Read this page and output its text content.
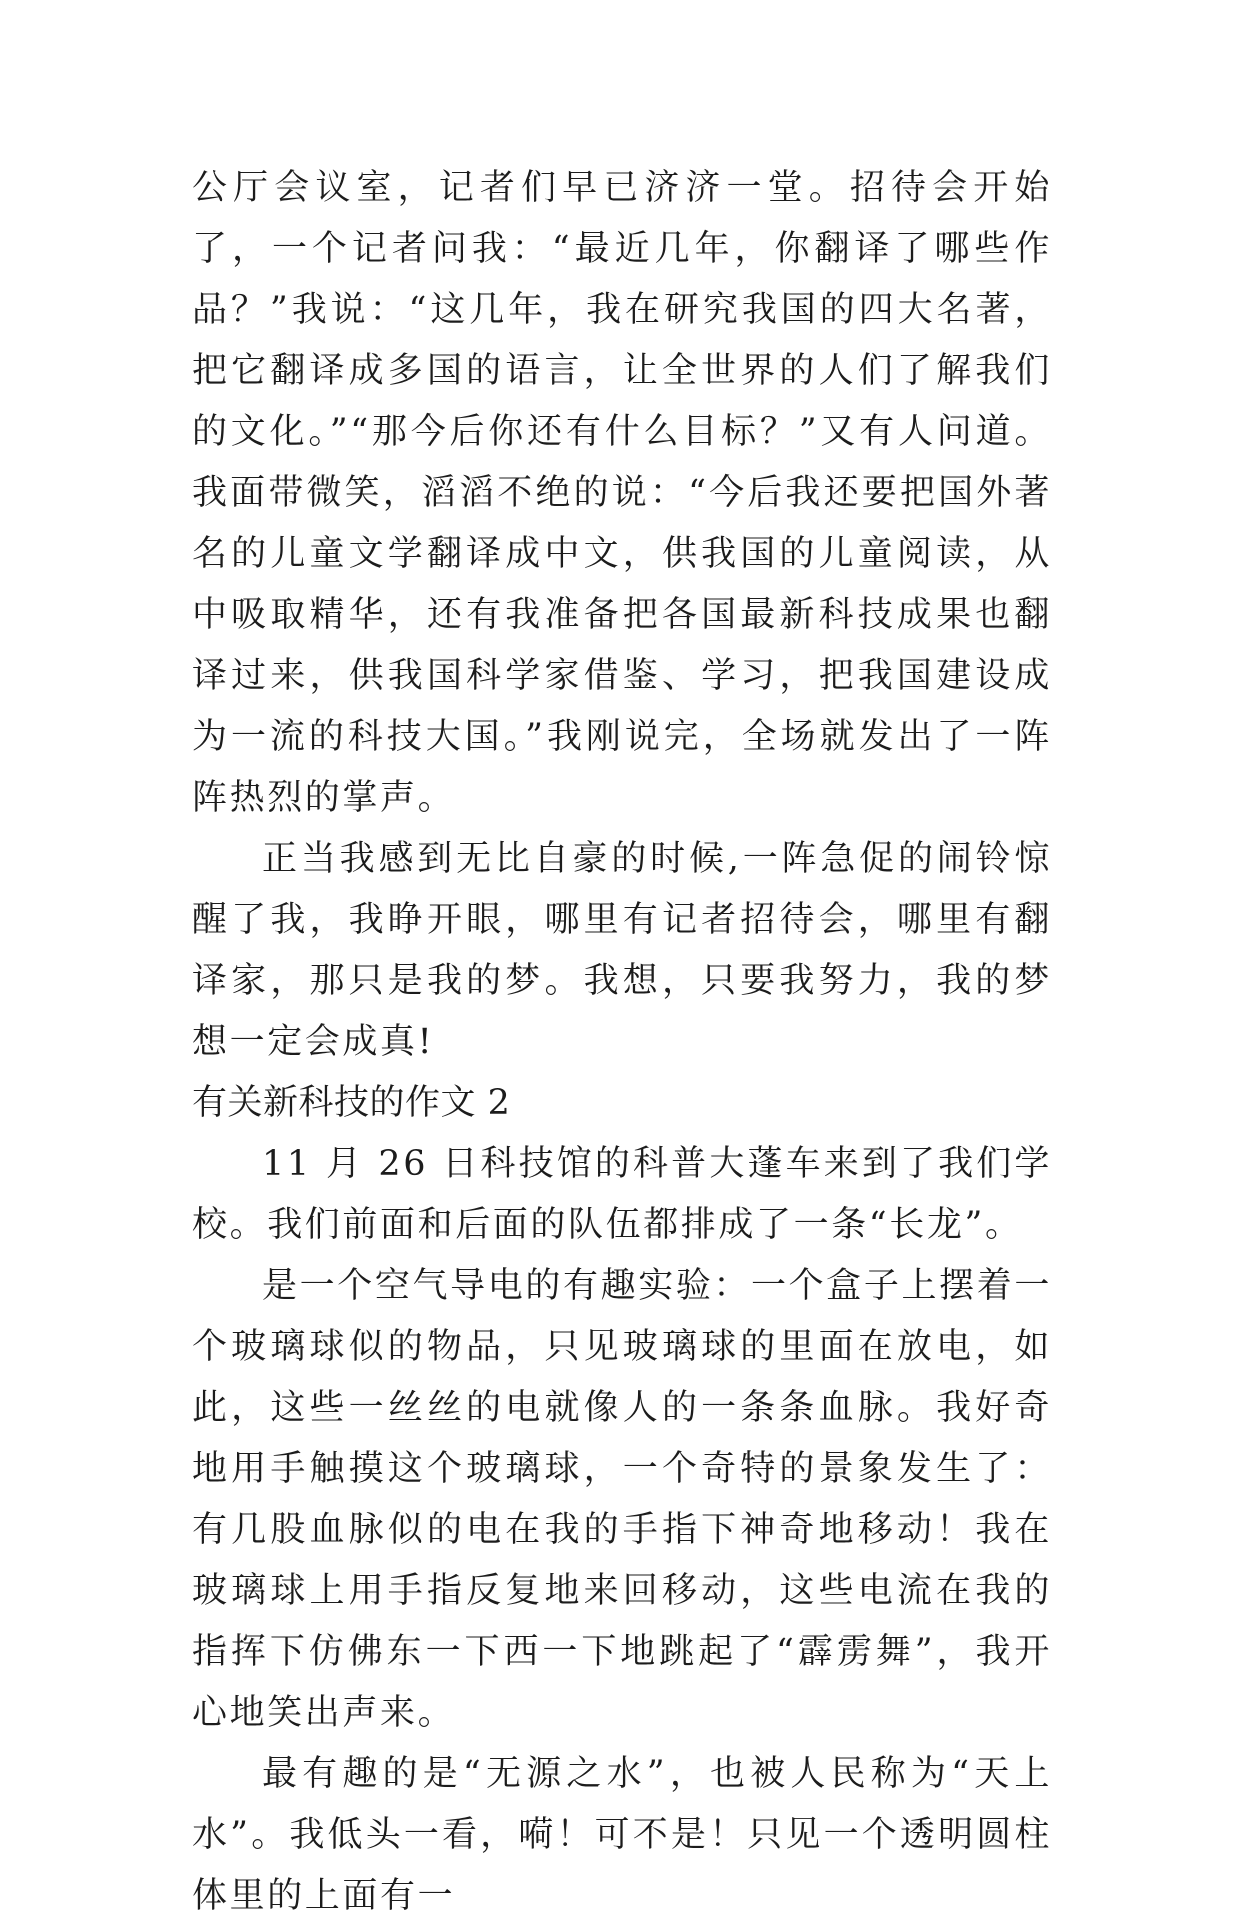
公厅会议室，记者们早已济济一堂。招待会开始了，一个记者问我：“最近几年，你翻译了哪些作品？”我说：“这几年，我在研究我国的四大名著，把它翻译成多国的语言，让全世界的人们了解我们的文化。”“那今后你还有什么目标？”又有人问道。我面带微笑，滔滔不绝的说：“今后我还要把国外著名的儿童文学翻译成中文，供我国的儿童阅读，从中吸取精华，还有我准备把各国最新科技成果也翻译过来，供我国科学家借鉴、学习，把我国建设成为一流的科技大国。”我刚说完，全场就发出了一阵阵热烈的掌声。

正当我感到无比自豪的时候,一阵急促的闹铃惊醒了我，我睁开眼，哪里有记者招待会，哪里有翻译家，那只是我的梦。我想，只要我努力，我的梦想一定会成真!

有关新科技的作文 2

11 月 26 日科技馆的科普大蓬车来到了我们学校。我们前面和后面的队伍都排成了一条“长龙”。

是一个空气导电的有趣实验：一个盒子上摆着一个玻璃球似的物品，只见玻璃球的里面在放电，如此，这些一丝丝的电就像人的一条条血脉。我好奇地用手触摸这个玻璃球，一个奇特的景象发生了：有几股血脉似的电在我的手指下神奇地移动！我在玻璃球上用手指反复地来回移动，这些电流在我的指挥下仿佛东一下西一下地跳起了“霹雳舞”，我开心地笑出声来。

最有趣的是“无源之水”，也被人民称为“天上水”。我低头一看，嗬！可不是！只见一个透明圆柱体里的上面有一
